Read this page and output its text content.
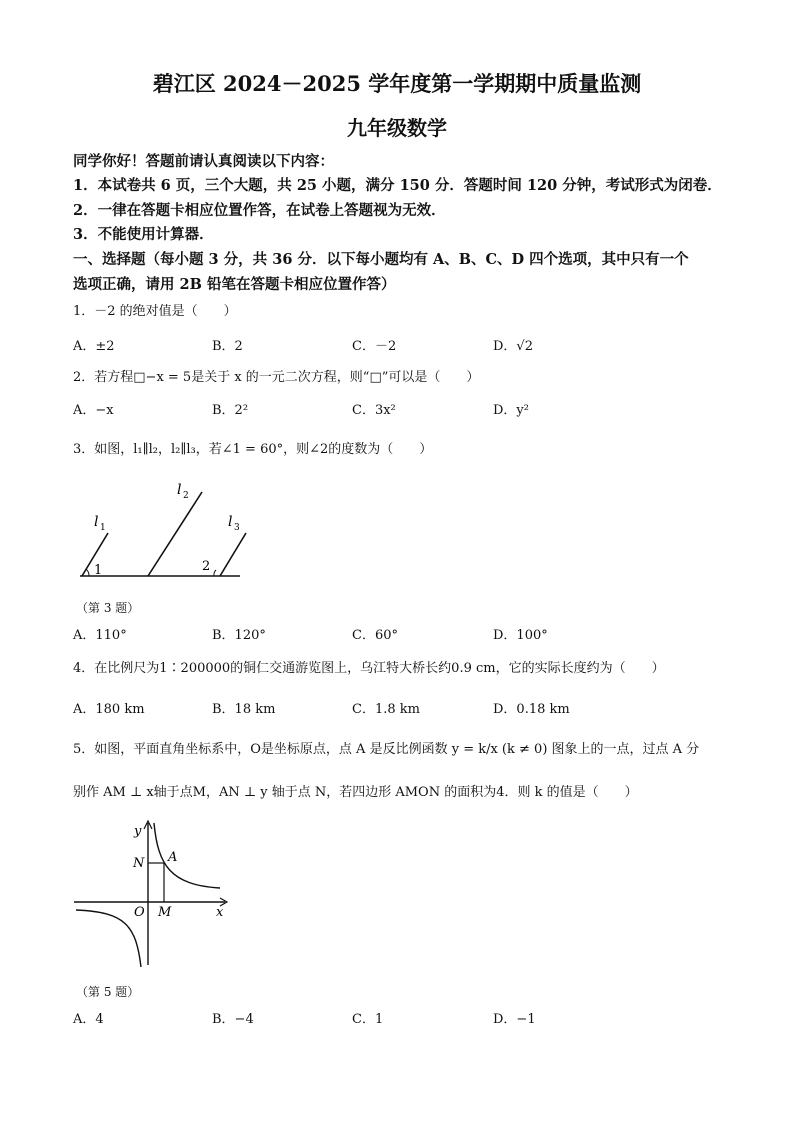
碧江区 2024－2025 学年度第一学期期中质量监测
九年级数学
同学你好！答题前请认真阅读以下内容：
1．本试卷共 6 页，三个大题，共 25 小题，满分 150 分．答题时间 120 分钟，考试形式为闭卷．
2．一律在答题卡相应位置作答，在试卷上答题视为无效．
3．不能使用计算器．
一、选择题（每小题 3 分，共 36 分．以下每小题均有 A、B、C、D 四个选项，其中只有一个
选项正确，请用 2B 铅笔在答题卡相应位置作答）
1．－2 的绝对值是（　　）
A．±2	B．2	C．－2	D．√2
2．若方程□−x = 5是关于 x 的一元二次方程，则“□”可以是（　　）
A．−x	B．2²	C．3x²	D．y²
3．如图，l₁∥l₂，l₂∥l₃，若∠1 = 60°，则∠2的度数为（　　）
l 1
l 2
l 3
1	2
（第 3 题）
A．110°	B．120°	C．60°	D．100°
4．在比例尺为1∶200000的铜仁交通游览图上，乌江特大桥长约0.9 cm，它的实际长度约为（　　）
A．180 km	B．18 km	C．1.8 km	D．0.18 km
5．如图，平面直角坐标系中，O是坐标原点，点 A 是反比例函数 y = k/x (k ≠ 0) 图象上的一点，过点 A 分
别作 AM ⊥ x轴于点M，AN ⊥ y 轴于点 N，若四边形 AMON 的面积为4．则 k 的值是（　　）
y
N A
O M	x
（第 5 题）
A．4	B．−4	C．1	D．−1
